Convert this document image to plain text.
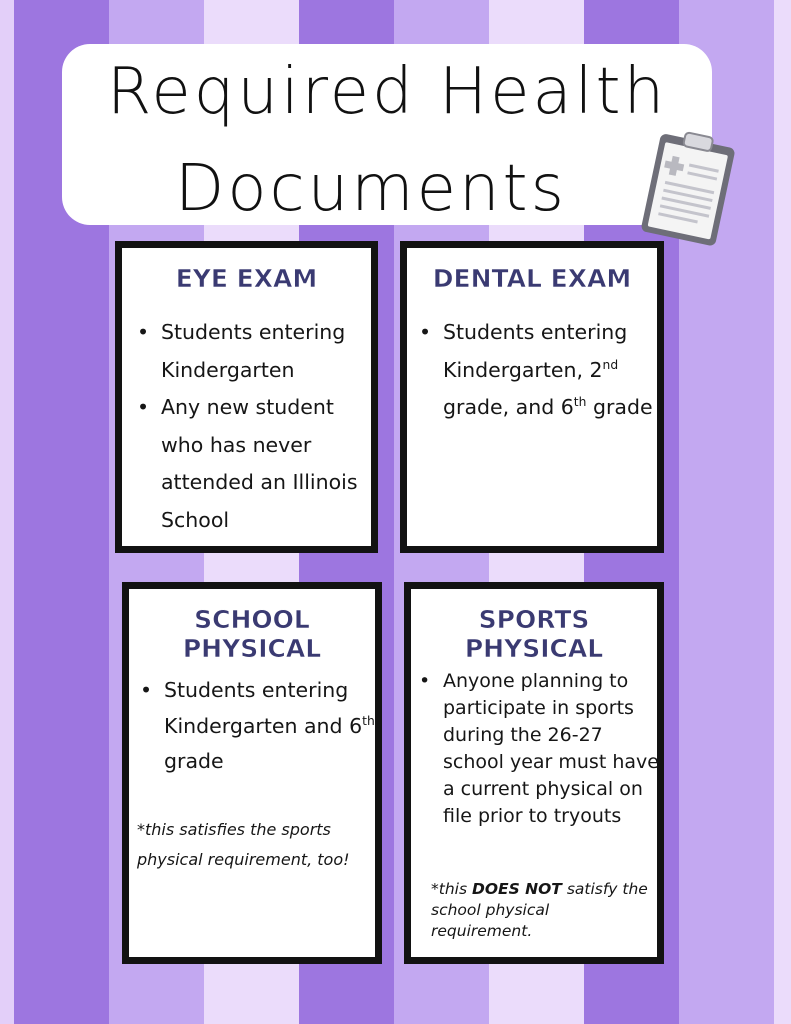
Required Health
Documents
EYE EXAM
• Students entering Kindergarten
• Any new student who has never attended an Illinois School
DENTAL EXAM
• Students entering Kindergarten, 2nd grade, and 6th grade
SCHOOL
PHYSICAL
• Students entering Kindergarten and 6th grade
*this satisfies the sports physical requirement, too!
SPORTS
PHYSICAL
• Anyone planning to participate in sports during the 26-27 school year must have a current physical on file prior to tryouts
*this DOES NOT satisfy the school physical requirement.
